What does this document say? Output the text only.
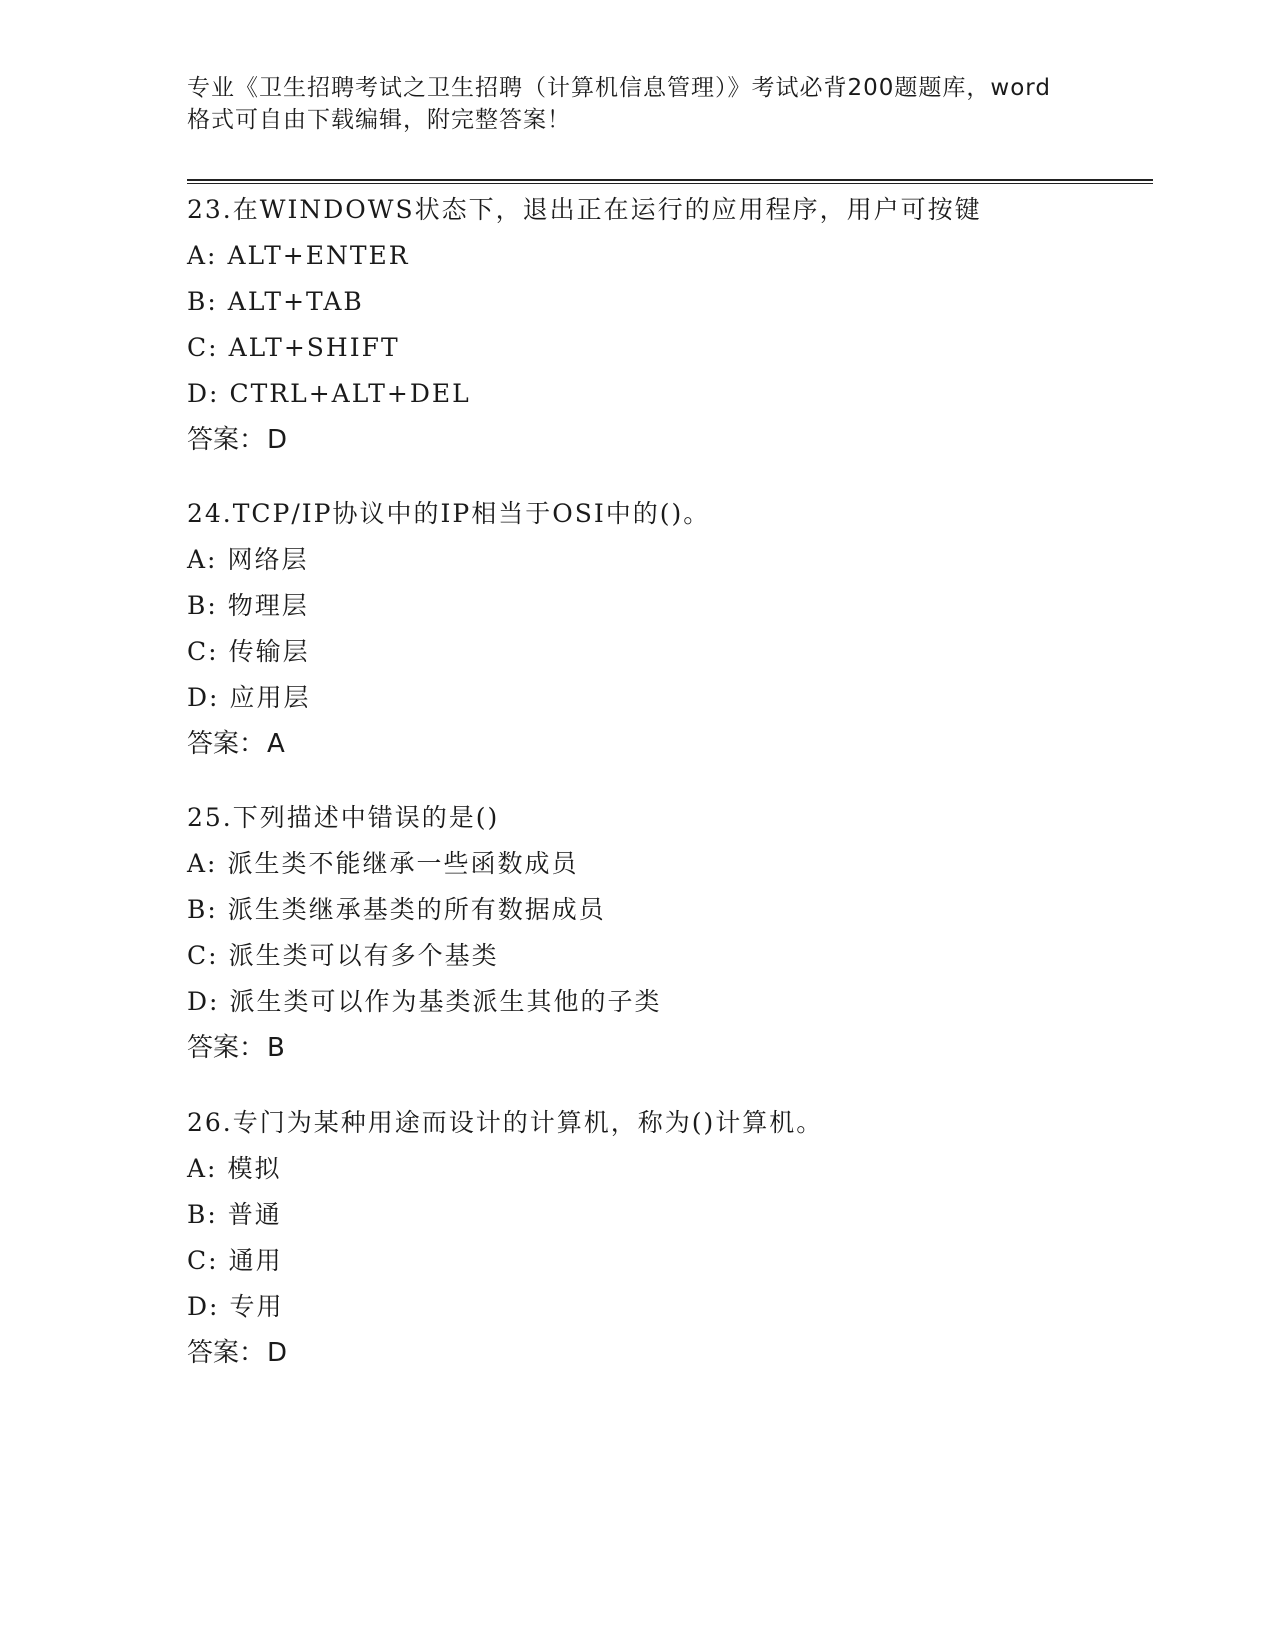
专业《卫生招聘考试之卫生招聘（计算机信息管理）》考试必背200题题库，word
格式可自由下载编辑，附完整答案！
23.在WINDOWS状态下，退出正在运行的应用程序，用户可按键
A: ALT+ENTER
B: ALT+TAB
C: ALT+SHIFT
D: CTRL+ALT+DEL
答案：D
24.TCP/IP协议中的IP相当于OSI中的()。
A: 网络层
B: 物理层
C: 传输层
D: 应用层
答案：A
25.下列描述中错误的是()
A: 派生类不能继承一些函数成员
B: 派生类继承基类的所有数据成员
C: 派生类可以有多个基类
D: 派生类可以作为基类派生其他的子类
答案：B
26.专门为某种用途而设计的计算机，称为()计算机。
A: 模拟
B: 普通
C: 通用
D: 专用
答案：D
